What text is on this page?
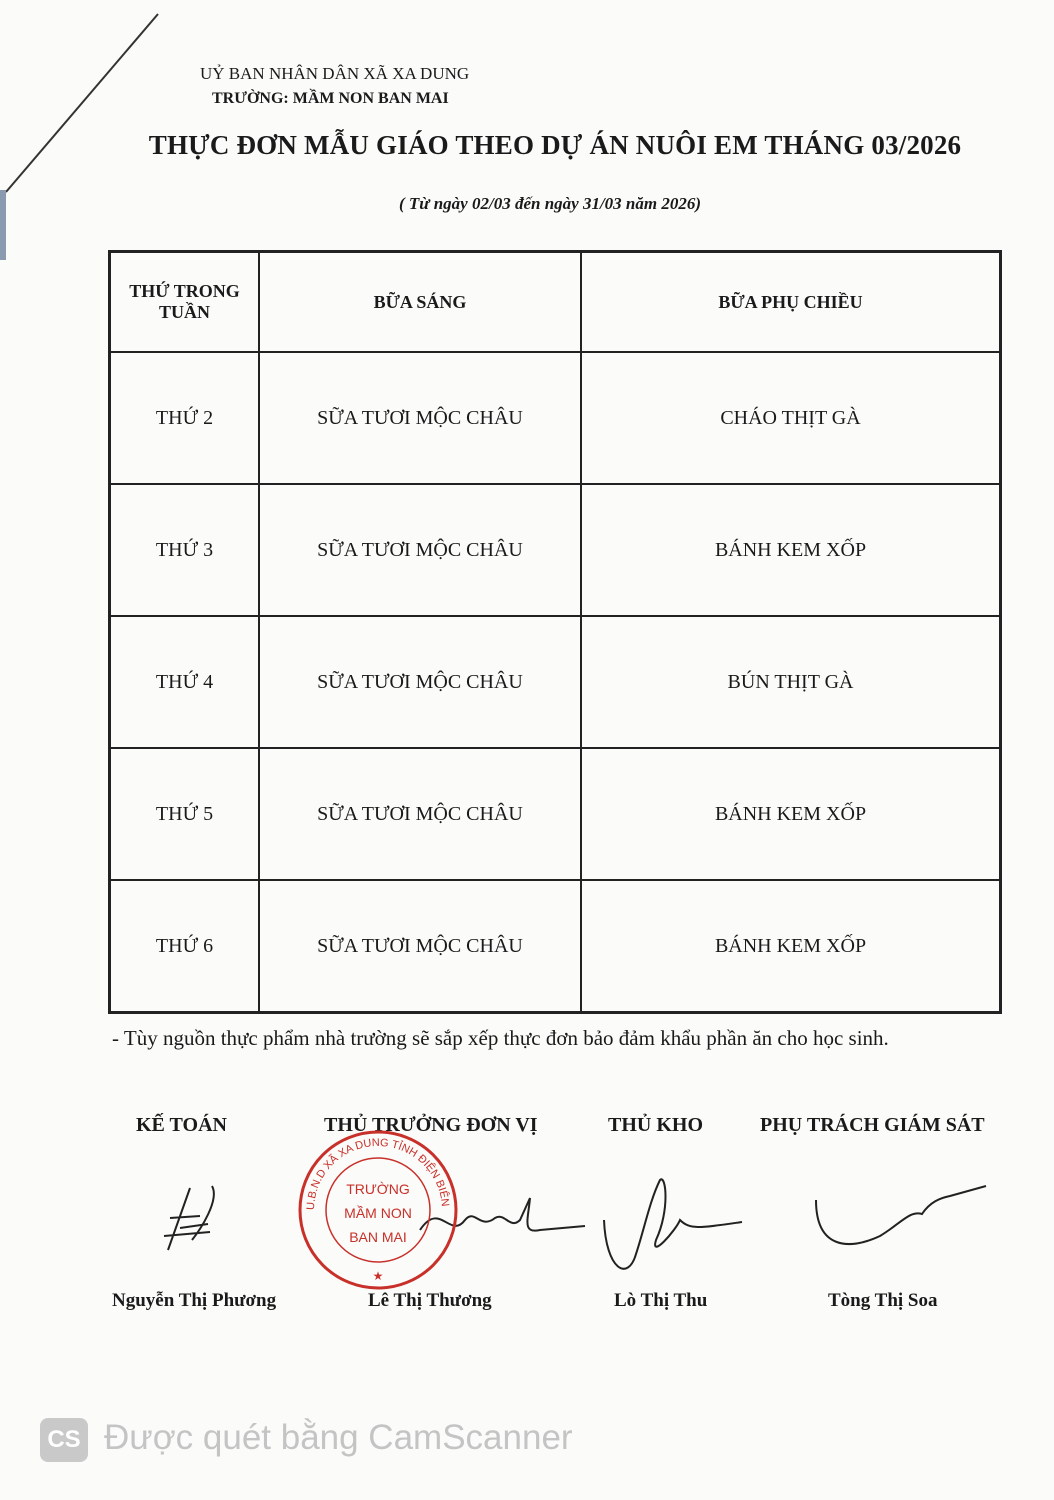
UỶ BAN NHÂN DÂN XÃ XA DUNG
TRƯỜNG: MẦM NON BAN MAI
THỰC ĐƠN MẪU GIÁO THEO DỰ ÁN NUÔI EM THÁNG 03/2026
( Từ ngày 02/03 đến ngày 31/03 năm 2026)
THỨ TRONG TUẦN	BỮA SÁNG	BỮA PHỤ CHIỀU
THỨ 2	SỮA TƯƠI MỘC CHÂU	CHÁO THỊT GÀ
THỨ 3	SỮA TƯƠI MỘC CHÂU	BÁNH KEM XỐP
THỨ 4	SỮA TƯƠI MỘC CHÂU	BÚN THỊT GÀ
THỨ 5	SỮA TƯƠI MỘC CHÂU	BÁNH KEM XỐP
THỨ 6	SỮA TƯƠI MỘC CHÂU	BÁNH KEM XỐP
- Tùy nguồn thực phẩm nhà trường sẽ sắp xếp thực đơn bảo đảm khẩu phần ăn cho học sinh.
KẾ TOÁN	THỦ TRƯỞNG ĐƠN VỊ	THỦ KHO	PHỤ TRÁCH GIÁM SÁT
U.B.N.D XÃ XA DUNG TỈNH ĐIỆN BIÊN
TRƯỜNG
MẦM NON
BAN MAI
★
Nguyễn Thị Phương	Lê Thị Thương	Lò Thị Thu	Tòng Thị Soa
CS Được quét bằng CamScanner
